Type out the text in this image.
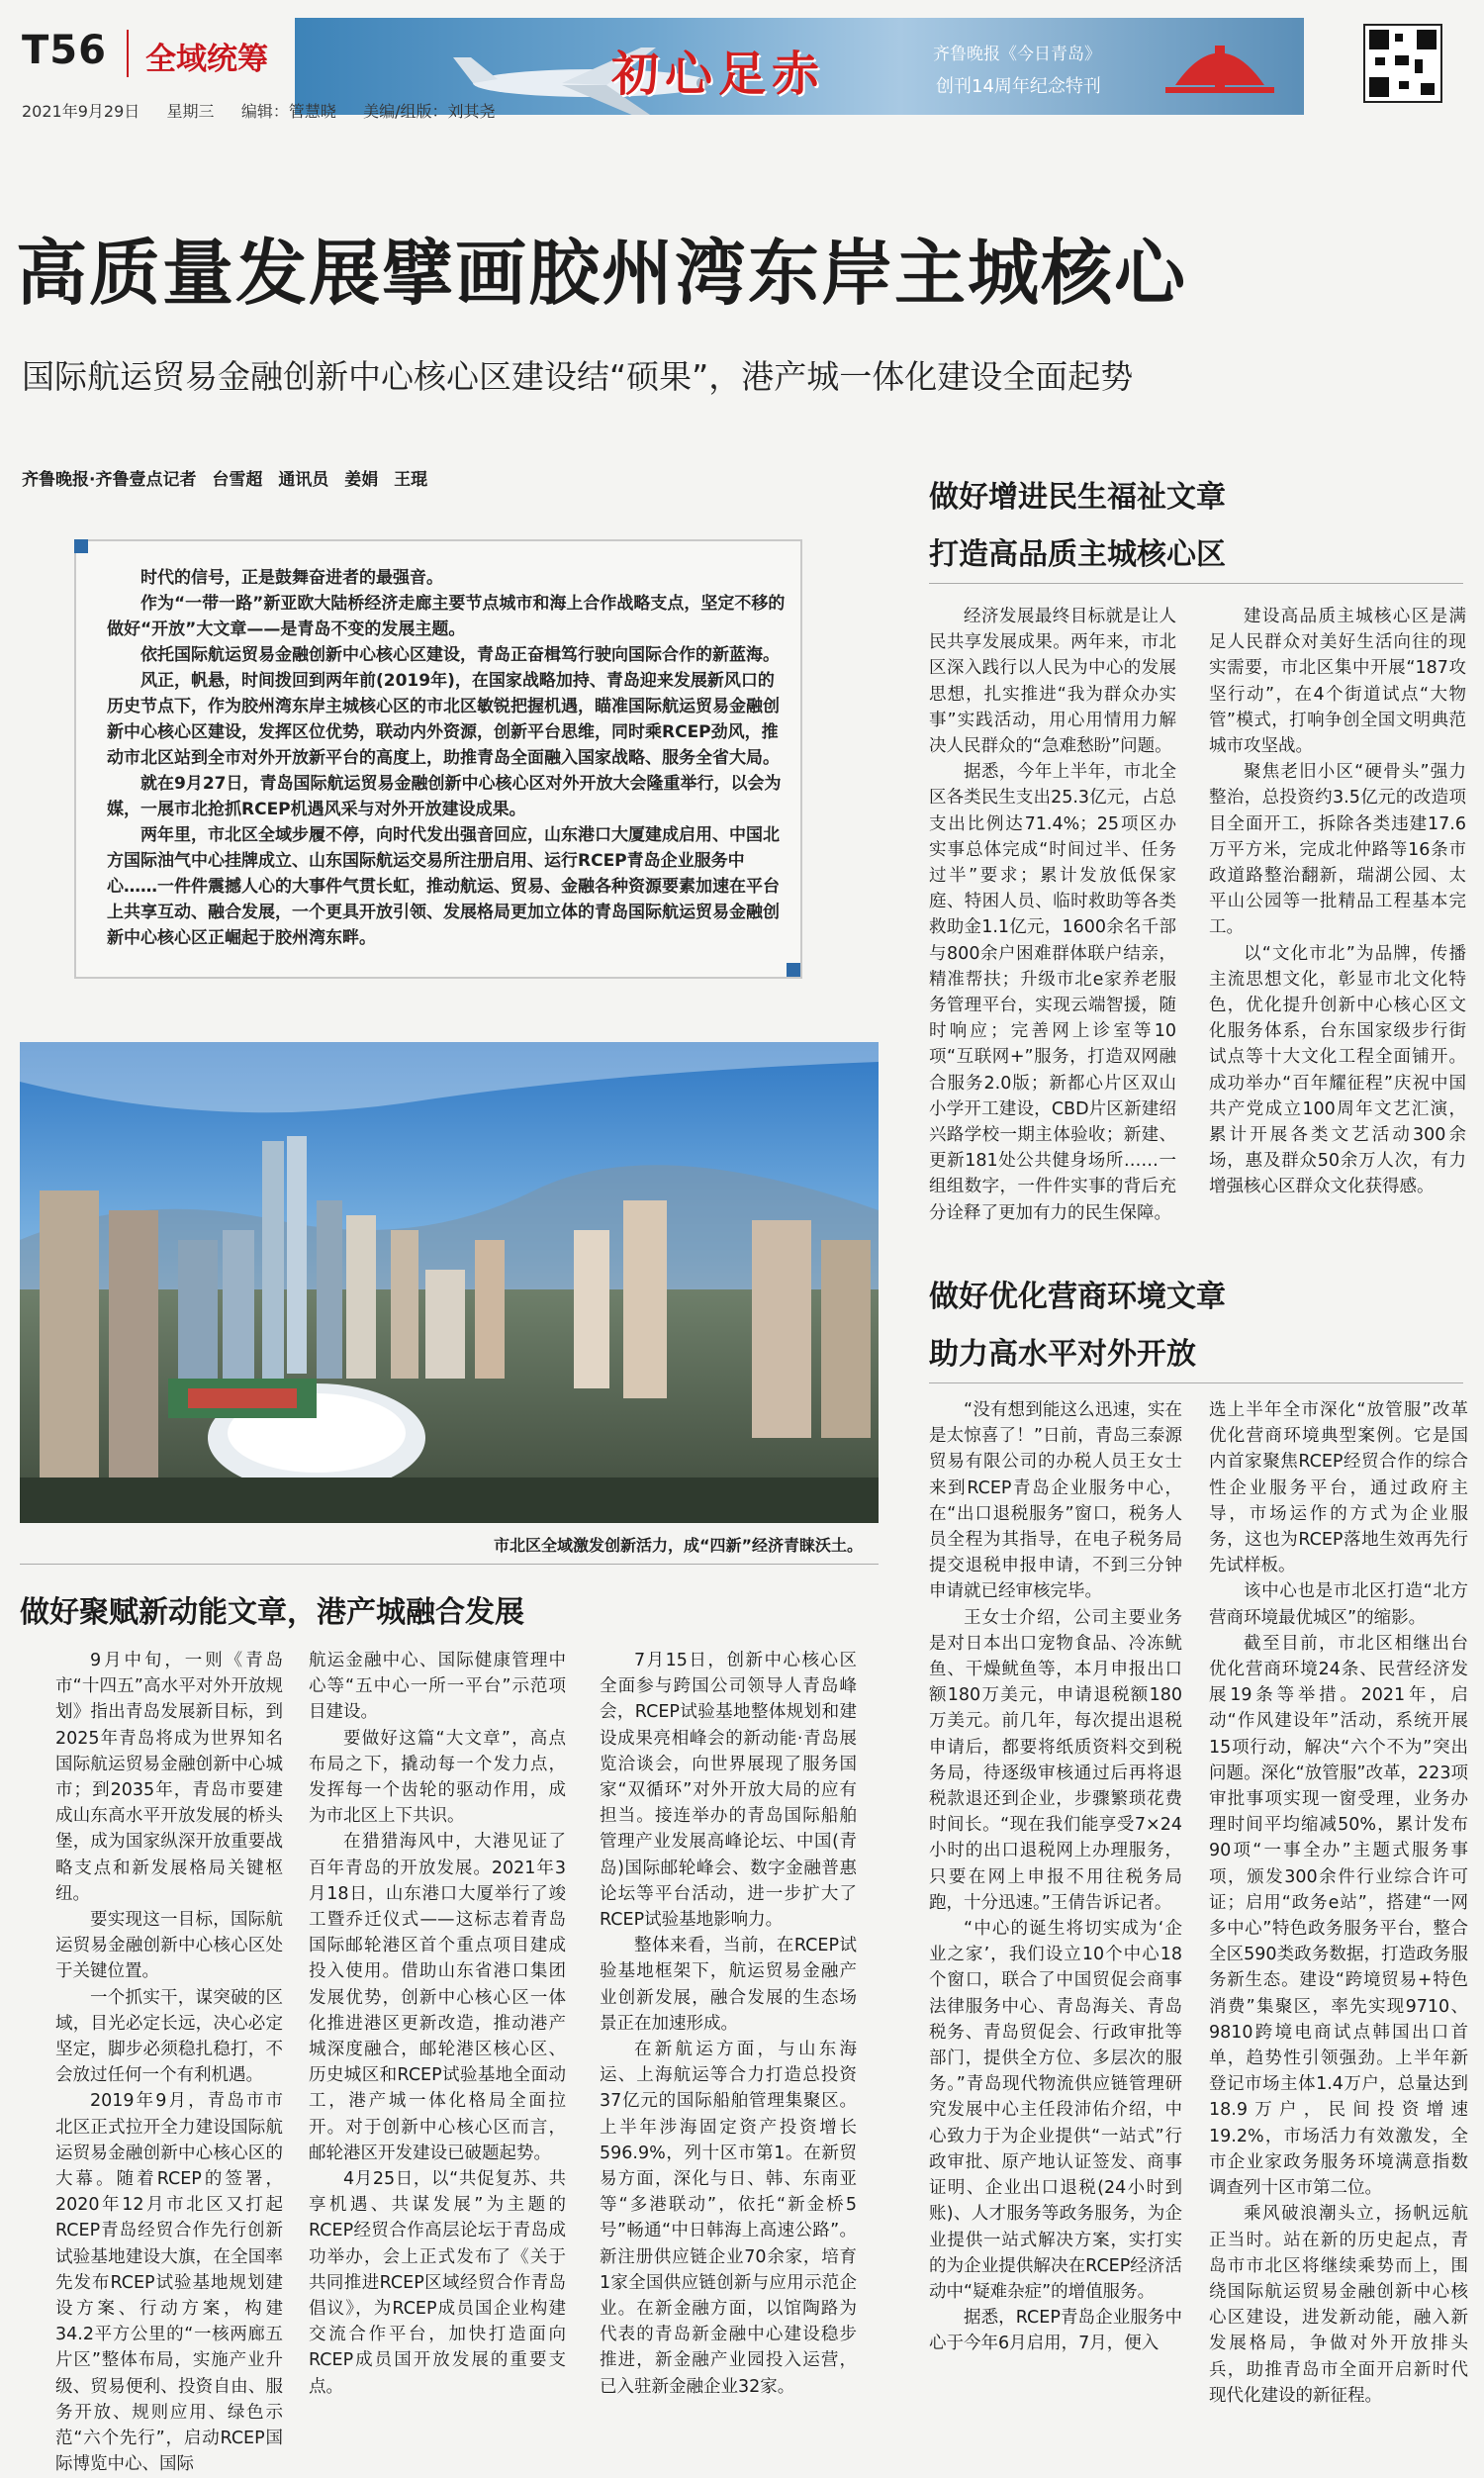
T56 全域统筹	初心足赤	齐鲁晚报《今日青岛》
创刊14周年纪念特刊
2021年9月29日 星期三 编辑：管慧晓 美编/组版：刘其尧
高质量发展擘画胶州湾东岸主城核心
国际航运贸易金融创新中心核心区建设结“硕果”，港产城一体化建设全面起势
齐鲁晚报·齐鲁壹点记者 台雪超 通讯员 姜娟 王琨

时代的信号，正是鼓舞奋进者的最强音。

作为“一带一路”新亚欧大陆桥经济走廊主要节点城市和海上合作战略支点，坚定不移的做好“开放”大文章——是青岛不变的发展主题。

依托国际航运贸易金融创新中心核心区建设，青岛正奋楫笃行驶向国际合作的新蓝海。

风正，帆悬，时间拨回到两年前(2019年)，在国家战略加持、青岛迎来发展新风口的历史节点下，作为胶州湾东岸主城核心区的市北区敏锐把握机遇，瞄准国际航运贸易金融创新中心核心区建设，发挥区位优势，联动内外资源，创新平台思维，同时乘RCEP劲风，推动市北区站到全市对外开放新平台的高度上，助推青岛全面融入国家战略、服务全省大局。

就在9月27日，青岛国际航运贸易金融创新中心核心区对外开放大会隆重举行，以会为媒，一展市北抢抓RCEP机遇风采与对外开放建设成果。

两年里，市北区全域步履不停，向时代发出强音回应，山东港口大厦建成启用、中国北方国际油气中心挂牌成立、山东国际航运交易所注册启用、运行RCEP青岛企业服务中心……一件件震撼人心的大事件气贯长虹，推动航运、贸易、金融各种资源要素加速在平台上共享互动、融合发展，一个更具开放引领、发展格局更加立体的青岛国际航运贸易金融创新中心核心区正崛起于胶州湾东畔。

市北区全域激发创新活力，成“四新”经济青睐沃土。
做好聚赋新动能文章，港产城融合发展

9月中旬，一则《青岛市“十四五”高水平对外开放规划》指出青岛发展新目标，到2025年青岛将成为世界知名国际航运贸易金融创新中心城市；到2035年，青岛市要建成山东高水平开放发展的桥头堡，成为国家纵深开放重要战略支点和新发展格局关键枢纽。

要实现这一目标，国际航运贸易金融创新中心核心区处于关键位置。

一个抓实干，谋突破的区域，目光必定长远，决心必定坚定，脚步必须稳扎稳打，不会放过任何一个有利机遇。

2019年9月，青岛市市北区正式拉开全力建设国际航运贸易金融创新中心核心区的大幕。随着RCEP的签署，2020年12月市北区又打起RCEP青岛经贸合作先行创新试验基地建设大旗，在全国率先发布RCEP试验基地规划建设方案、行动方案，构建34.2平方公里的“一核两廊五片区”整体布局，实施产业升级、贸易便利、投资自由、服务开放、规则应用、绿色示范“六个先行”，启动RCEP国际博览中心、国际

航运金融中心、国际健康管理中心等“五中心一所一平台”示范项目建设。

要做好这篇“大文章”，高点布局之下，撬动每一个发力点，发挥每一个齿轮的驱动作用，成为市北区上下共识。

在猎猎海风中，大港见证了百年青岛的开放发展。2021年3月18日，山东港口大厦举行了竣工暨乔迁仪式——这标志着青岛国际邮轮港区首个重点项目建成投入使用。借助山东省港口集团发展优势，创新中心核心区一体化推进港区更新改造，推动港产城深度融合，邮轮港区核心区、历史城区和RCEP试验基地全面动工，港产城一体化格局全面拉开。对于创新中心核心区而言，邮轮港区开发建设已破题起势。

4月25日，以“共促复苏、共享机遇、共谋发展”为主题的RCEP经贸合作高层论坛于青岛成功举办，会上正式发布了《关于共同推进RCEP区域经贸合作青岛倡议》，为RCEP成员国企业构建交流合作平台，加快打造面向RCEP成员国开放发展的重要支点。

7月15日，创新中心核心区全面参与跨国公司领导人青岛峰会，RCEP试验基地整体规划和建设成果亮相峰会的新动能·青岛展览洽谈会，向世界展现了服务国家“双循环”对外开放大局的应有担当。接连举办的青岛国际船舶管理产业发展高峰论坛、中国(青岛)国际邮轮峰会、数字金融普惠论坛等平台活动，进一步扩大了RCEP试验基地影响力。

整体来看，当前，在RCEP试验基地框架下，航运贸易金融产业创新发展，融合发展的生态场景正在加速形成。

在新航运方面，与山东海运、上海航运等合力打造总投资37亿元的国际船舶管理集聚区。上半年涉海固定资产投资增长596.9%，列十区市第1。在新贸易方面，深化与日、韩、东南亚等“多港联动”，依托“新金桥5号”畅通“中日韩海上高速公路”。新注册供应链企业70余家，培育1家全国供应链创新与应用示范企业。在新金融方面，以馆陶路为代表的青岛新金融中心建设稳步推进，新金融产业园投入运营，已入驻新金融企业32家。

做好增进民生福祉文章
打造高品质主城核心区

经济发展最终目标就是让人民共享发展成果。两年来，市北区深入践行以人民为中心的发展思想，扎实推进“我为群众办实事”实践活动，用心用情用力解决人民群众的“急难愁盼”问题。

据悉，今年上半年，市北全区各类民生支出25.3亿元，占总支出比例达71.4%；25项区办实事总体完成“时间过半、任务过半”要求；累计发放低保家庭、特困人员、临时救助等各类救助金1.1亿元，1600余名千部与800余户困难群体联户结亲，精准帮扶；升级市北e家养老服务管理平台，实现云端智援，随时响应；完善网上诊室等10项“互联网+”服务，打造双网融合服务2.0版；新都心片区双山小学开工建设，CBD片区新建绍兴路学校一期主体验收；新建、更新181处公共健身场所……一组组数字，一件件实事的背后充分诠释了更加有力的民生保障。

建设高品质主城核心区是满足人民群众对美好生活向往的现实需要，市北区集中开展“187攻坚行动”，在4个街道试点“大物管”模式，打响争创全国文明典范城市攻坚战。

聚焦老旧小区“硬骨头”强力整治，总投资约3.5亿元的改造项目全面开工，拆除各类违建17.6万平方米，完成北仲路等16条市政道路整治翻新，瑞湖公园、太平山公园等一批精品工程基本完工。

以“文化市北”为品牌，传播主流思想文化，彰显市北文化特色，优化提升创新中心核心区文化服务体系，台东国家级步行街试点等十大文化工程全面铺开。成功举办“百年耀征程”庆祝中国共产党成立100周年文艺汇演，累计开展各类文艺活动300余场，惠及群众50余万人次，有力增强核心区群众文化获得感。

做好优化营商环境文章
助力高水平对外开放

“没有想到能这么迅速，实在是太惊喜了！”日前，青岛三泰源贸易有限公司的办税人员王女士来到RCEP青岛企业服务中心，在“出口退税服务”窗口，税务人员全程为其指导，在电子税务局提交退税申报申请，不到三分钟申请就已经审核完毕。

王女士介绍，公司主要业务是对日本出口宠物食品、冷冻鱿鱼、干燥鱿鱼等，本月申报出口额180万美元，申请退税额180万美元。前几年，每次提出退税申请后，都要将纸质资料交到税务局，待逐级审核通过后再将退税款退还到企业，步骤繁琐花费时间长。“现在我们能享受7×24小时的出口退税网上办理服务，只要在网上申报不用往税务局跑，十分迅速。”王倩告诉记者。

“中心的诞生将切实成为‘企业之家’，我们设立10个中心18个窗口，联合了中国贸促会商事法律服务中心、青岛海关、青岛税务、青岛贸促会、行政审批等部门，提供全方位、多层次的服务。”青岛现代物流供应链管理研究发展中心主任段沛佑介绍，中心致力于为企业提供“一站式”行政审批、原产地认证签发、商事证明、企业出口退税(24小时到账)、人才服务等政务服务，为企业提供一站式解决方案，实打实的为企业提供解决在RCEP经济活动中“疑难杂症”的增值服务。

据悉，RCEP青岛企业服务中心于今年6月启用，7月，便入

选上半年全市深化“放管服”改革优化营商环境典型案例。它是国内首家聚焦RCEP经贸合作的综合性企业服务平台，通过政府主导，市场运作的方式为企业服务，这也为RCEP落地生效再先行先试样板。

该中心也是市北区打造“北方营商环境最优城区”的缩影。

截至目前，市北区相继出台优化营商环境24条、民营经济发展19条等举措。2021年，启动“作风建设年”活动，系统开展15项行动，解决“六个不为”突出问题。深化“放管服”改革，223项审批事项实现一窗受理，业务办理时间平均缩减50%，累计发布90项“一事全办”主题式服务事项，颁发300余件行业综合许可证；启用“政务e站”，搭建“一网多中心”特色政务服务平台，整合全区590类政务数据，打造政务服务新生态。建设“跨境贸易+特色消费”集聚区，率先实现9710、9810跨境电商试点韩国出口首单，趋势性引领强劲。上半年新登记市场主体1.4万户，总量达到18.9万户，民间投资增速19.2%，市场活力有效激发，全市企业家政务服务环境满意指数调查列十区市第二位。

乘风破浪潮头立，扬帆远航正当时。站在新的历史起点，青岛市市北区将继续乘势而上，围绕国际航运贸易金融创新中心核心区建设，进发新动能，融入新发展格局，争做对外开放排头兵，助推青岛市全面开启新时代现代化建设的新征程。
